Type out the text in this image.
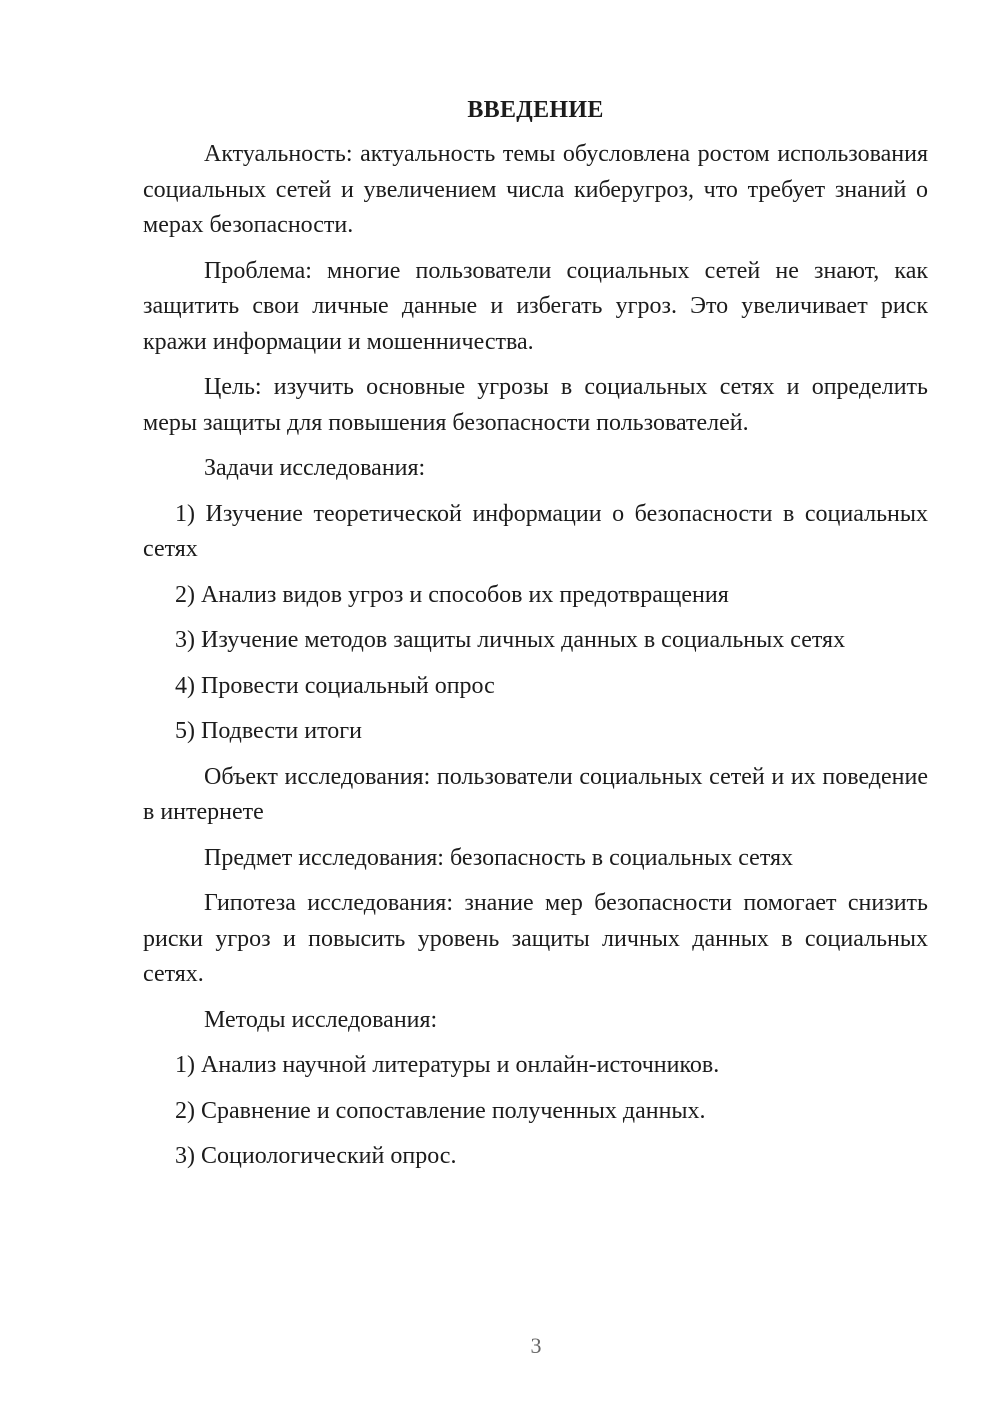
ВВЕДЕНИЕ

Актуальность: актуальность темы обусловлена ростом использования социальных сетей и увеличением числа киберугроз, что требует знаний о мерах безопасности.

Проблема: многие пользователи социальных сетей не знают, как защитить свои личные данные и избегать угроз. Это увеличивает риск кражи информации и мошенничества.

Цель: изучить основные угрозы в социальных сетях и определить меры защиты для повышения безопасности пользователей.

Задачи исследования:

1) Изучение теоретической информации о безопасности в социальных сетях

2) Анализ видов угроз и способов их предотвращения

3) Изучение методов защиты личных данных в социальных сетях

4) Провести социальный опрос

5) Подвести итоги

Объект исследования: пользователи социальных сетей и их поведение в интернете

Предмет исследования: безопасность в социальных сетях

Гипотеза исследования: знание мер безопасности помогает снизить риски угроз и повысить уровень защиты личных данных в социальных сетях.

Методы исследования:

1) Анализ научной литературы и онлайн-источников.

2) Сравнение и сопоставление полученных данных.

3) Социологический опрос.

3
